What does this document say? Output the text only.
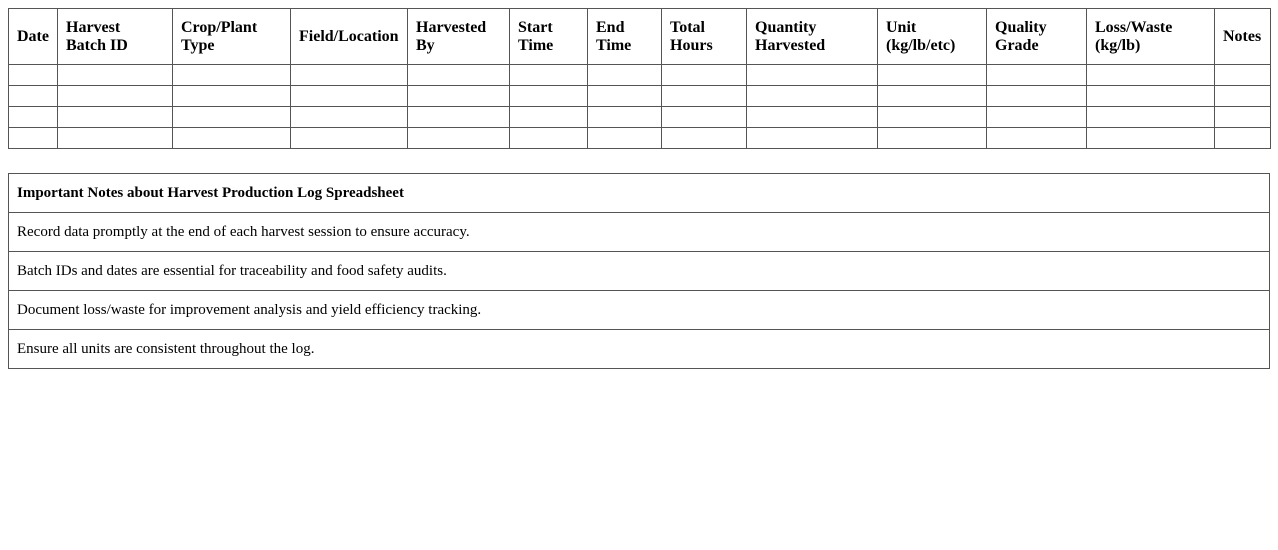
Date	Harvest Batch ID	Crop/Plant Type	Field/Location	Harvested By	Start Time	End Time	Total Hours	Quantity Harvested	Unit (kg/lb/etc)	Quality Grade	Loss/Waste (kg/lb)	Notes

Important Notes about Harvest Production Log Spreadsheet
Record data promptly at the end of each harvest session to ensure accuracy.
Batch IDs and dates are essential for traceability and food safety audits.
Document loss/waste for improvement analysis and yield efficiency tracking.
Ensure all units are consistent throughout the log.
